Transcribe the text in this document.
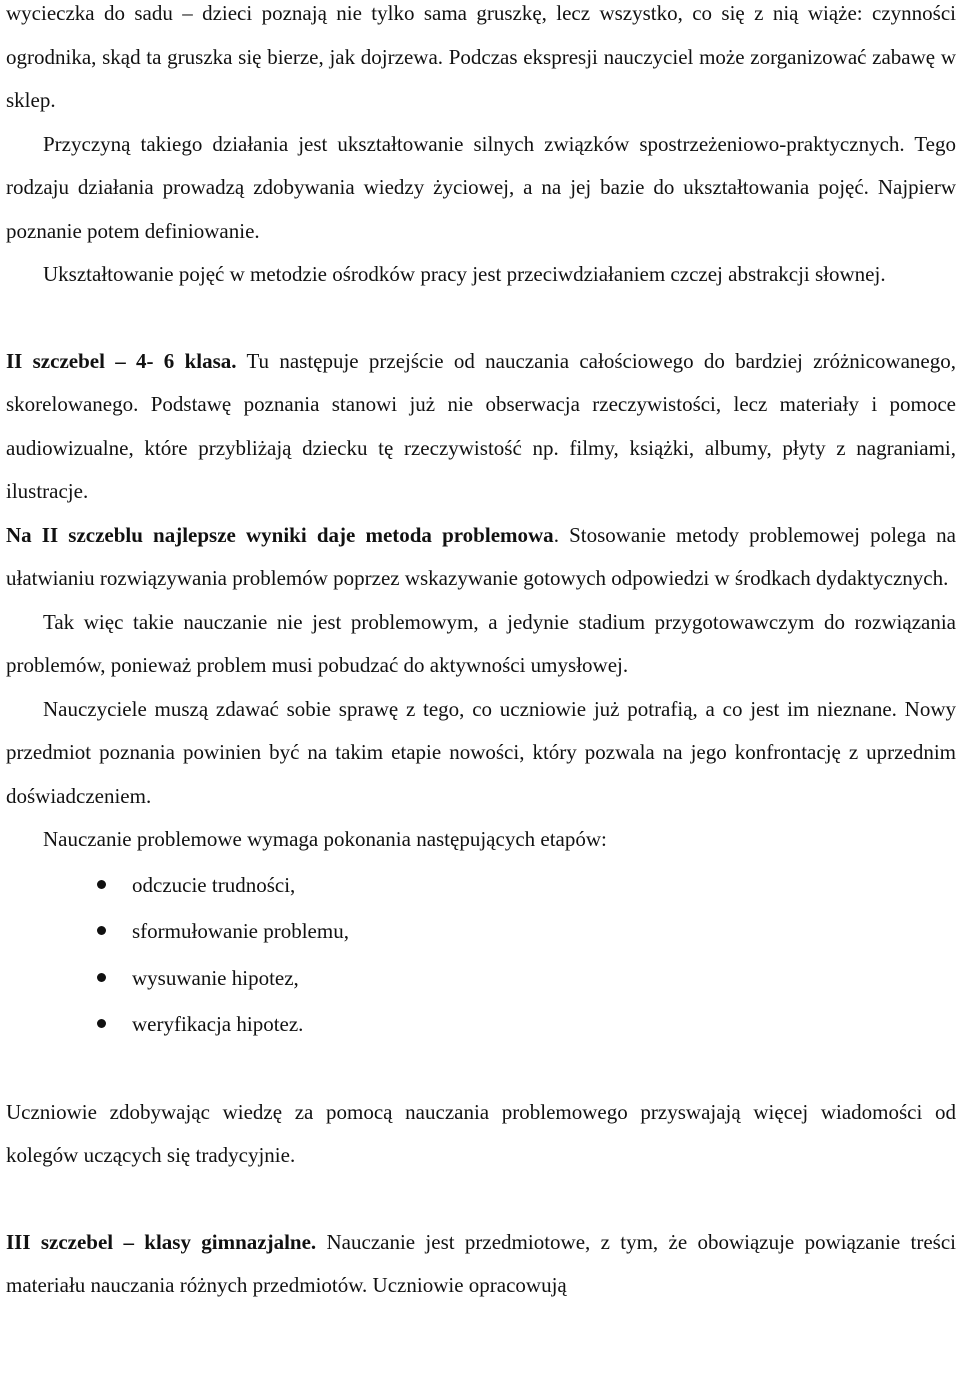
wycieczka do sadu – dzieci poznają nie tylko sama gruszkę, lecz wszystko, co się z nią wiąże: czynności ogrodnika, skąd ta gruszka się bierze, jak dojrzewa. Podczas ekspresji nauczyciel może zorganizować zabawę w sklep.

Przyczyną takiego działania jest ukształtowanie silnych związków spostrzeżeniowo-praktycznych. Tego rodzaju działania prowadzą zdobywania wiedzy życiowej, a na jej bazie do ukształtowania pojęć. Najpierw poznanie potem definiowanie.

Ukształtowanie pojęć w metodzie ośrodków pracy jest przeciwdziałaniem czczej abstrakcji słownej.

II szczebel – 4- 6 klasa. Tu następuje przejście od nauczania całościowego do bardziej zróżnicowanego, skorelowanego. Podstawę poznania stanowi już nie obserwacja rzeczywistości, lecz materiały i pomoce audiowizualne, które przybliżają dziecku tę rzeczywistość np. filmy, książki, albumy, płyty z nagraniami, ilustracje.

Na II szczeblu najlepsze wyniki daje metoda problemowa. Stosowanie metody problemowej polega na ułatwianiu rozwiązywania problemów poprzez wskazywanie gotowych odpowiedzi w środkach dydaktycznych.

Tak więc takie nauczanie nie jest problemowym, a jedynie stadium przygotowawczym do rozwiązania problemów, ponieważ problem musi pobudzać do aktywności umysłowej.

Nauczyciele muszą zdawać sobie sprawę z tego, co uczniowie już potrafią, a co jest im nieznane. Nowy przedmiot poznania powinien być na takim etapie nowości, który pozwala na jego konfrontację z uprzednim doświadczeniem.

Nauczanie problemowe wymaga pokonania następujących etapów:

odczucie trudności,
sformułowanie problemu,
wysuwanie hipotez,
weryfikacja hipotez.

Uczniowie zdobywając wiedzę za pomocą nauczania problemowego przyswajają więcej wiadomości od kolegów uczących się tradycyjnie.

III szczebel – klasy gimnazjalne. Nauczanie jest przedmiotowe, z tym, że obowiązuje powiązanie treści materiału nauczania różnych przedmiotów. Uczniowie opracowują
